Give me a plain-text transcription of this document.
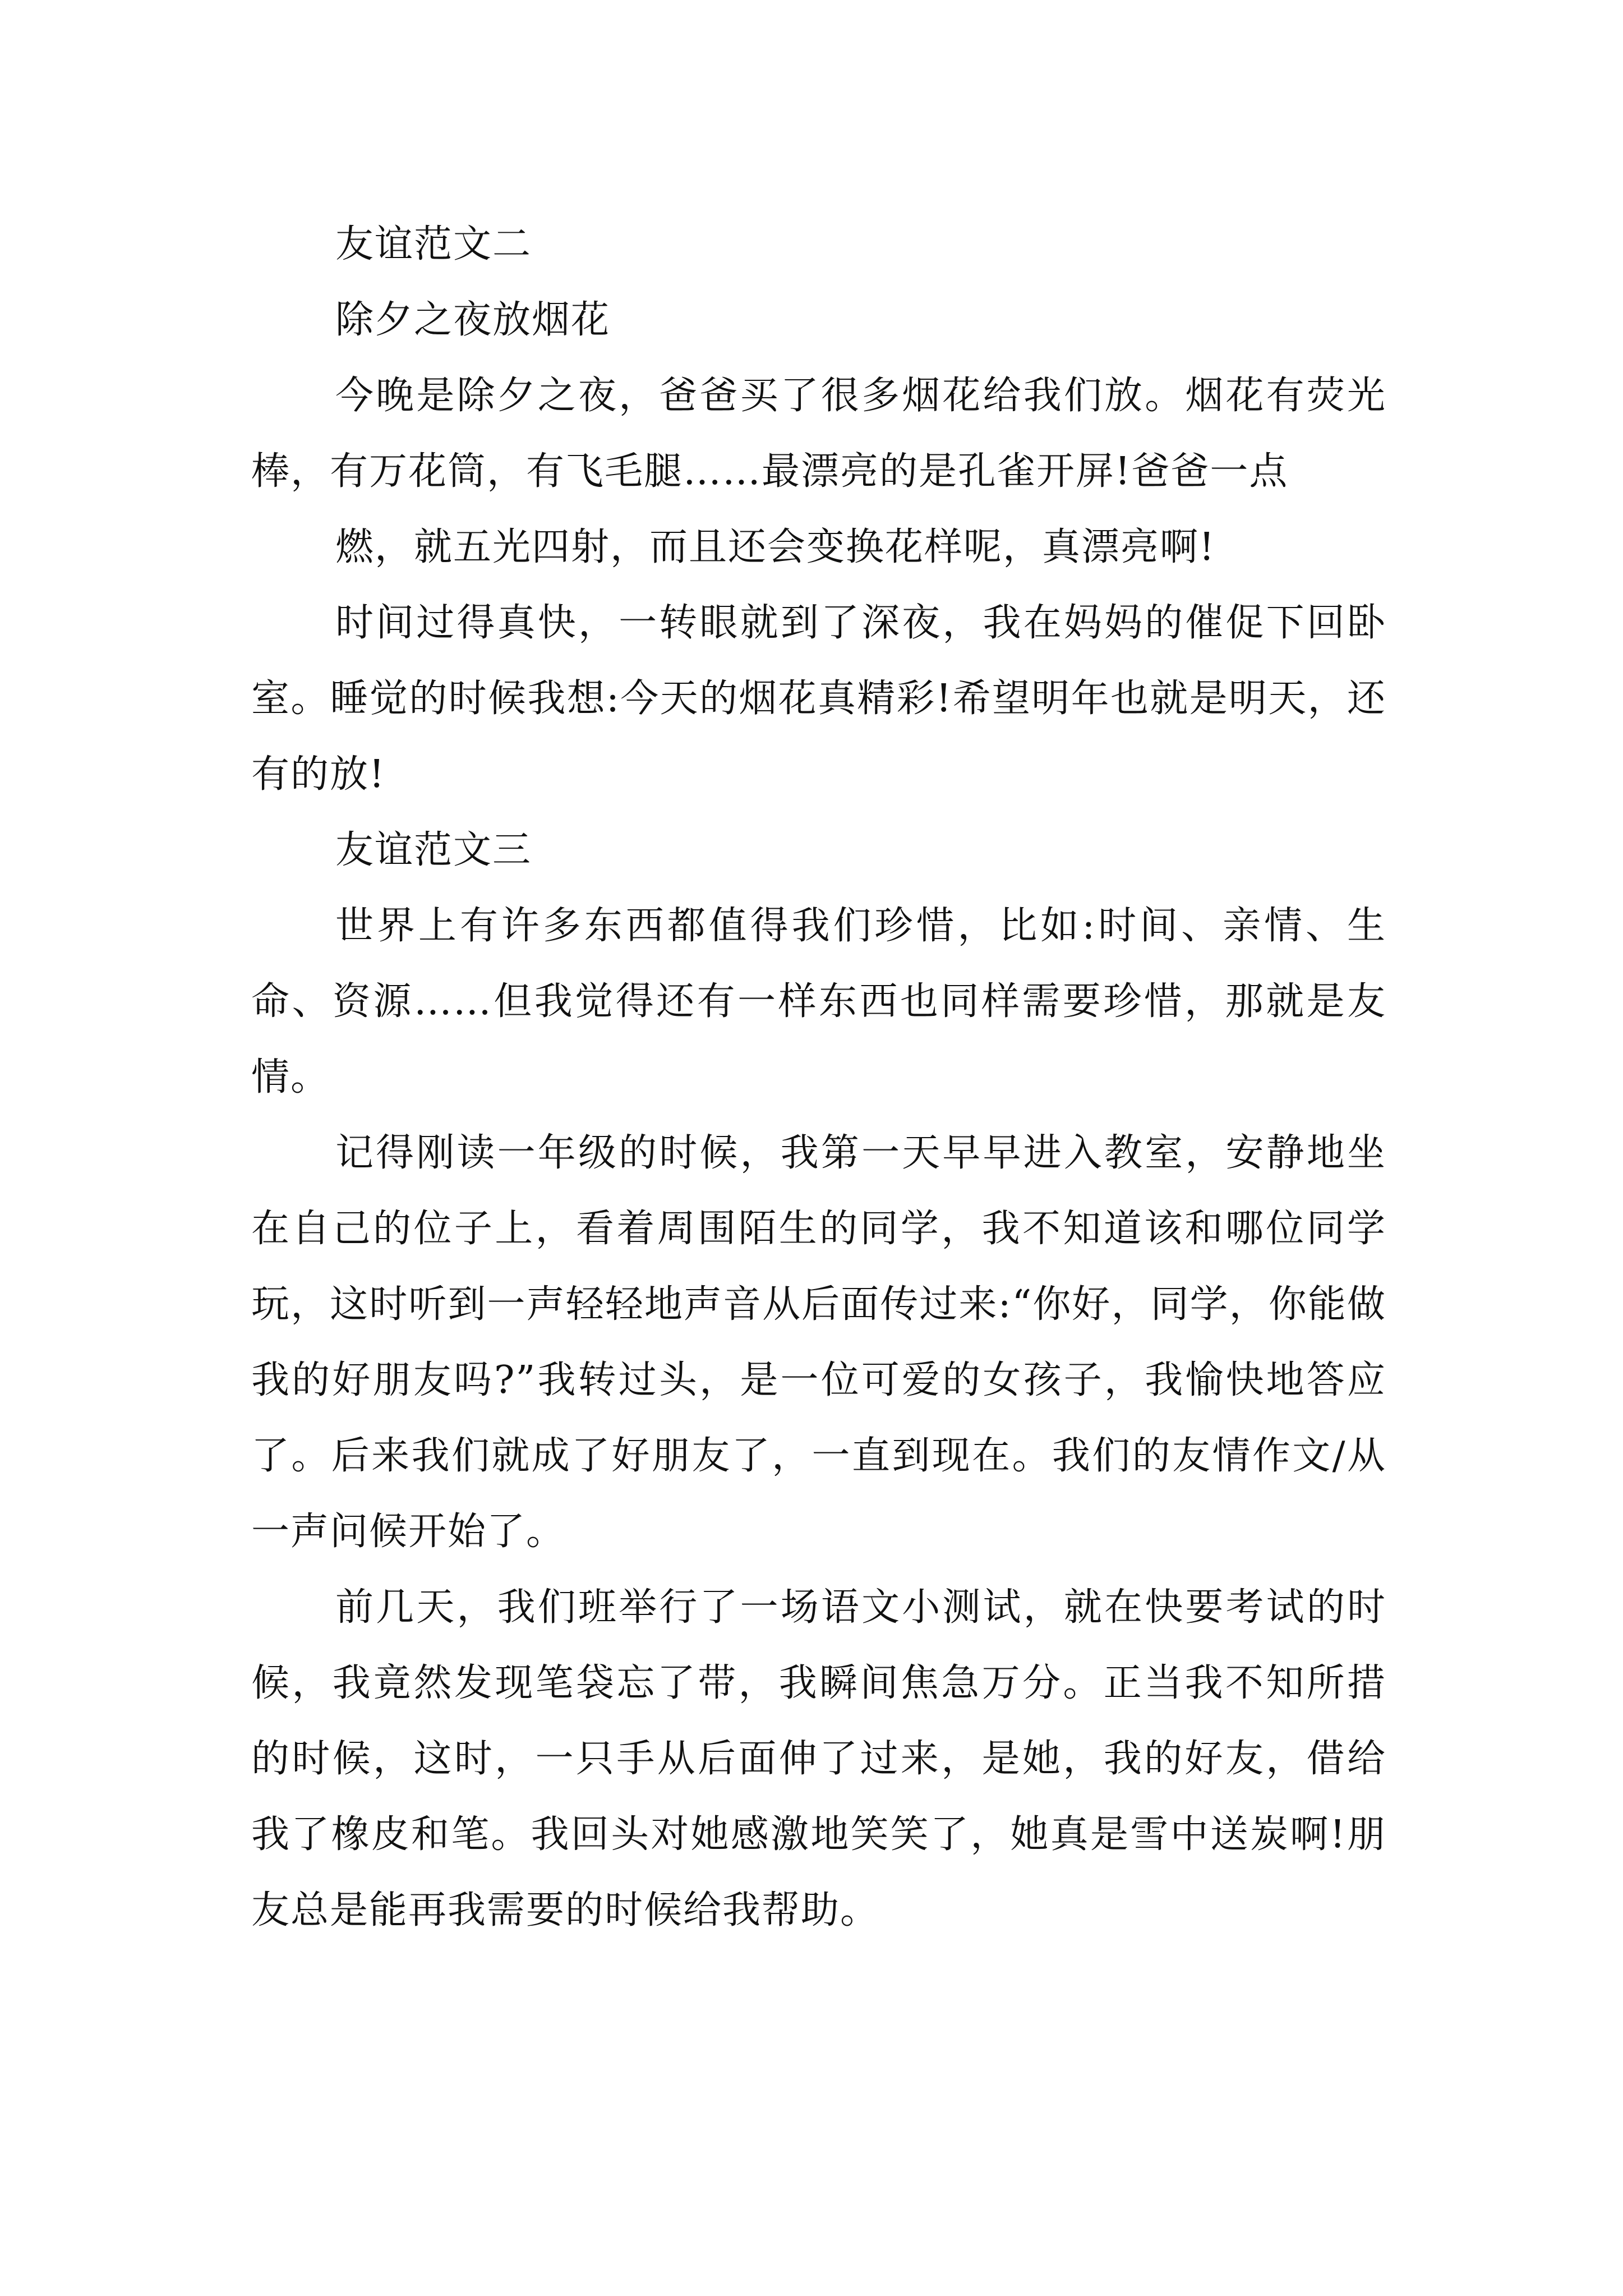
友谊范文二

除夕之夜放烟花

今晚是除夕之夜，爸爸买了很多烟花给我们放。烟花有荧光棒，有万花筒，有飞毛腿……最漂亮的是孔雀开屏!爸爸一点

燃，就五光四射，而且还会变换花样呢，真漂亮啊!

时间过得真快，一转眼就到了深夜，我在妈妈的催促下回卧室。睡觉的时候我想:今天的烟花真精彩!希望明年也就是明天，还有的放!

友谊范文三

世界上有许多东西都值得我们珍惜，比如:时间、亲情、生命、资源……但我觉得还有一样东西也同样需要珍惜，那就是友情。

记得刚读一年级的时候，我第一天早早进入教室，安静地坐在自己的位子上，看着周围陌生的同学，我不知道该和哪位同学玩，这时听到一声轻轻地声音从后面传过来:“你好，同学，你能做我的好朋友吗?”我转过头，是一位可爱的女孩子，我愉快地答应了。后来我们就成了好朋友了，一直到现在。我们的友情作文/从一声问候开始了。

前几天，我们班举行了一场语文小测试，就在快要考试的时候，我竟然发现笔袋忘了带，我瞬间焦急万分。正当我不知所措的时候，这时，一只手从后面伸了过来，是她，我的好友，借给我了橡皮和笔。我回头对她感激地笑笑了，她真是雪中送炭啊!朋友总是能再我需要的时候给我帮助。
